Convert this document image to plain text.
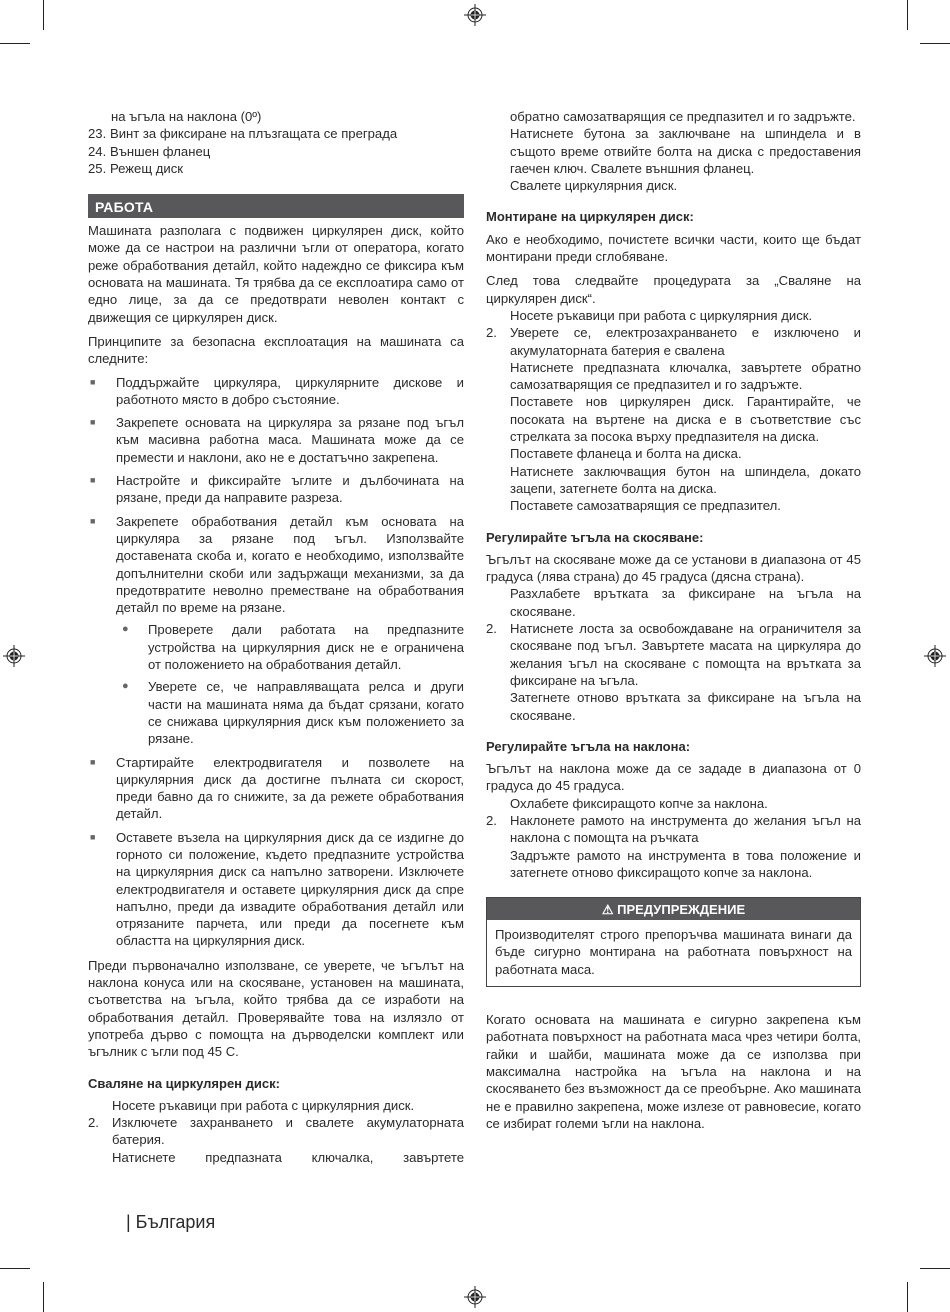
на ъгъла на наклона (0º)
23. Винт за фиксиране на плъзгащата се преграда
24. Външен фланец
25. Режещ диск
РАБОТА

Машината разполага с подвижен циркулярен диск, който може да се настрои на различни ъгли от оператора, когато реже обработвания детайл, който надеждно се фиксира към основата на машината. Тя трябва да се експлоатира само от едно лице, за да се предотврати неволен контакт с движещия се циркулярен диск.

Принципите за безопасна експлоатация на машината са следните:

■	Поддържайте циркуляра, циркулярните дискове и работното място в добро състояние.
■	Закрепете основата на циркуляра за рязане под ъгъл към масивна работна маса. Машината може да се премести и наклони, ако не е достатъчно закрепена.
■	Настройте и фиксирайте ъглите и дълбочината на рязане, преди да направите разреза.
■	Закрепете обработвания детайл към основата на циркуляра за рязане под ъгъл. Използвайте доставената скоба и, когато е необходимо, използвайте допълнителни скоби или задържащи механизми, за да предотвратите неволно преместване на обработвания детайл по време на рязане.
●	Проверете дали работата на предпазните устройства на циркулярния диск не е ограничена от положението на обработвания детайл.
●	Уверете се, че направляващата релса и други части на машината няма да бъдат срязани, когато се снижава циркулярния диск към положението за рязане.
■	Стартирайте електродвигателя и позволете на циркулярния диск да достигне пълната си скорост, преди бавно да го снижите, за да режете обработвания детайл.
■	Оставете възела на циркулярния диск да се издигне до горното си положение, където предпазните устройства на циркулярния диск са напълно затворени. Изключете електродвигателя и оставете циркулярния диск да спре напълно, преди да извадите обработвания детайл или отрязаните парчета, или преди да посегнете към областта на циркулярния диск.

Преди първоначално използване, се уверете, че ъгълът на наклона конуса или на скосяване, установен на машината, съответства на ъгъла, който трябва да се изработи на обработвания детайл. Проверявайте това на излязло от употреба дърво с помощта на дърводелски комплект или ъгълник с ъгли под 45 С.

Сваляне на циркулярен диск:
Носете ръкавици при работа с циркулярния диск.
2. Изключете захранването и свалете акумулаторната батерия.
Натиснете предпазната ключалка, завъртете
обратно самозатварящия се предпазител и го задръжте.
Натиснете бутона за заключване на шпиндела и в същото време отвийте болта на диска с предоставения гаечен ключ. Свалете външния фланец.
Свалете циркулярния диск.
Монтиране на циркулярен диск:

Ако е необходимо, почистете всички части, които ще бъдат монтирани преди сглобяване.

След това следвайте процедурата за „Сваляне на циркулярен диск“.

Носете ръкавици при работа с циркулярния диск.
2. Уверете се, електрозахранването е изключено и акумулаторната батерия е свалена
Натиснете предпазната ключалка, завъртете обратно самозатварящия се предпазител и го задръжте.
Поставете нов циркулярен диск. Гарантирайте, че посоката на въртене на диска е в съответствие със стрелката за посока върху предпазителя на диска.
Поставете фланеца и болта на диска.
Натиснете заключващия бутон на шпиндела, докато зацепи, затегнете болта на диска.
Поставете самозатварящия се предпазител.
Регулирайте ъгъла на скосяване:

Ъгълът на скосяване може да се установи в диапазона от 45 градуса (лява страна) до 45 градуса (дясна страна).

Разхлабете врътката за фиксиране на ъгъла на скосяване.
2. Натиснете лоста за освобождаване на ограничителя за скосяване под ъгъл. Завъртете масата на циркуляра до желания ъгъл на скосяване с помощта на врътката за фиксиране на ъгъла.
Затегнете отново врътката за фиксиране на ъгъла на скосяване.
Регулирайте ъгъла на наклона:

Ъгълът на наклона може да се зададе в диапазона от 0 градуса до 45 градуса.

Охлабете фиксиращото копче за наклона.
2. Наклонете рамото на инструмента до желания ъгъл на наклона с помощта на ръчката
Задръжте рамото на инструмента в това положение и затегнете отново фиксиращото копче за наклона.
⚠ ПРЕДУПРЕЖДЕНИЕ
Производителят строго препоръчва машината винаги да бъде сигурно монтирана на работната повърхност на работната маса.

Когато основата на машината е сигурно закрепена към работната повърхност на работната маса чрез четири болта, гайки и шайби, машината може да се използва при максимална настройка на ъгъла на наклона и на скосяването без възможност да се преобърне. Ако машината не е правилно закрепена, може излезе от равновесие, когато се избират големи ъгли на наклона.

| България
